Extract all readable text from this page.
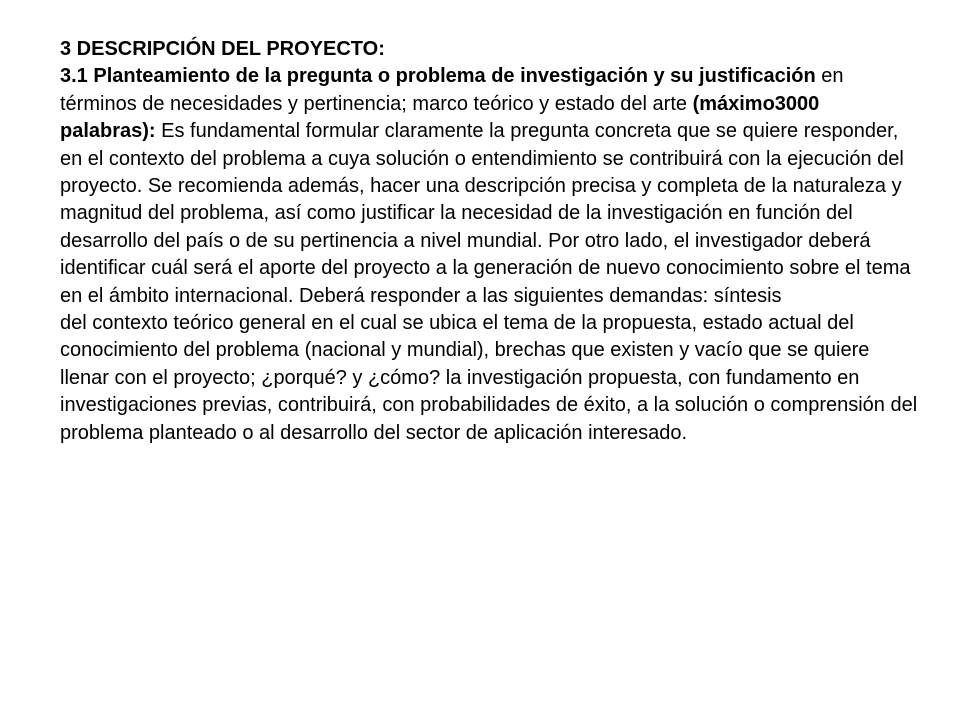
3 DESCRIPCIÓN DEL PROYECTO:

3.1 Planteamiento de la pregunta o problema de investigación y su justificación en términos de necesidades y pertinencia; marco teórico y estado del arte (máximo3000 palabras): Es fundamental formular claramente la pregunta concreta que se quiere responder, en el contexto del problema a cuya solución o entendimiento se contribuirá con la ejecución del proyecto. Se recomienda además, hacer una descripción precisa y completa de la naturaleza y magnitud del problema, así como justificar la necesidad de la investigación en función del desarrollo del país o de su pertinencia a nivel mundial. Por otro lado, el investigador deberá identificar cuál será el aporte del proyecto a la generación de nuevo conocimiento sobre el tema en el ámbito internacional. Deberá responder a las siguientes demandas: síntesis

del contexto teórico general en el cual se ubica el tema de la propuesta, estado actual del conocimiento del problema (nacional y mundial), brechas que existen y vacío que se quiere llenar con el proyecto; ¿porqué? y ¿cómo? la investigación propuesta, con fundamento en investigaciones previas, contribuirá, con probabilidades de éxito, a la solución o comprensión del problema planteado o al desarrollo del sector de aplicación interesado.
